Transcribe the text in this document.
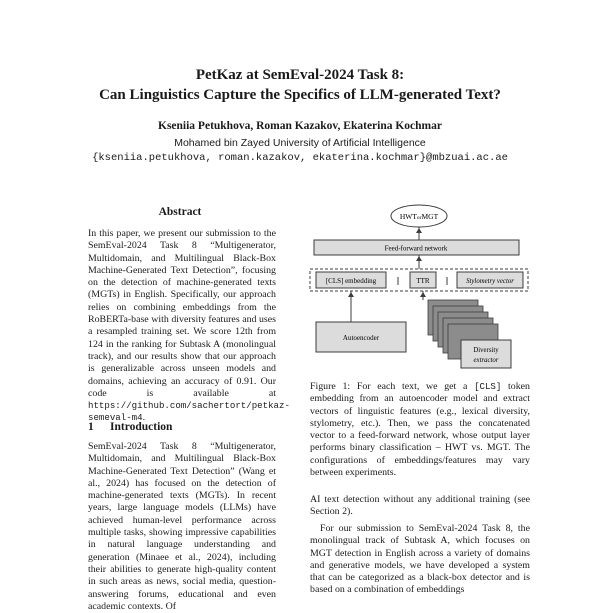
PetKaz at SemEval-2024 Task 8:
Can Linguistics Capture the Specifics of LLM-generated Text?

Kseniia Petukhova, Roman Kazakov, Ekaterina Kochmar

Mohamed bin Zayed University of Artificial Intelligence

{kseniia.petukhova, roman.kazakov, ekaterina.kochmar}@mbzuai.ac.ae

Abstract

In this paper, we present our submission to the SemEval-2024 Task 8 “Multigenerator, Multidomain, and Multilingual Black-Box Machine-Generated Text Detection”, focusing on the detection of machine-generated texts (MGTs) in English. Specifically, our approach relies on combining embeddings from the RoBERTa-base with diversity features and uses a resampled training set. We score 12th from 124 in the ranking for Subtask A (monolingual track), and our results show that our approach is generalizable across unseen models and domains, achieving an accuracy of 0.91. Our code is available at https://github.com/sachertort/petkaz-semeval-m4.

1 Introduction

SemEval-2024 Task 8 “Multigenerator, Multidomain, and Multilingual Black-Box Machine-Generated Text Detection” (Wang et al., 2024) has focused on the detection of machine-generated texts (MGTs). In recent years, large language models (LLMs) have achieved human-level performance across multiple tasks, showing impressive capabilities in natural language understanding and generation (Minaee et al., 2024), including their abilities to generate high-quality content in such areas as news, social media, question-answering forums, educational and even academic contexts. Of

HWTorMGT
Feed-forward network
[CLS] embedding	|| TTR ||	Stylometry vector
Autoencoder
Diversity
extractor

Figure 1: For each text, we get a [CLS] token embedding from an autoencoder model and extract vectors of linguistic features (e.g., lexical diversity, stylometry, etc.). Then, we pass the concatenated vector to a feed-forward network, whose output layer performs binary classification – HWT vs. MGT. The configurations of embeddings/features may vary between experiments.

AI text detection without any additional training (see Section 2).

For our submission to SemEval-2024 Task 8, the monolingual track of Subtask A, which focuses on MGT detection in English across a variety of domains and generative models, we have developed a system that can be categorized as a black-box detector and is based on a combination of embeddings
